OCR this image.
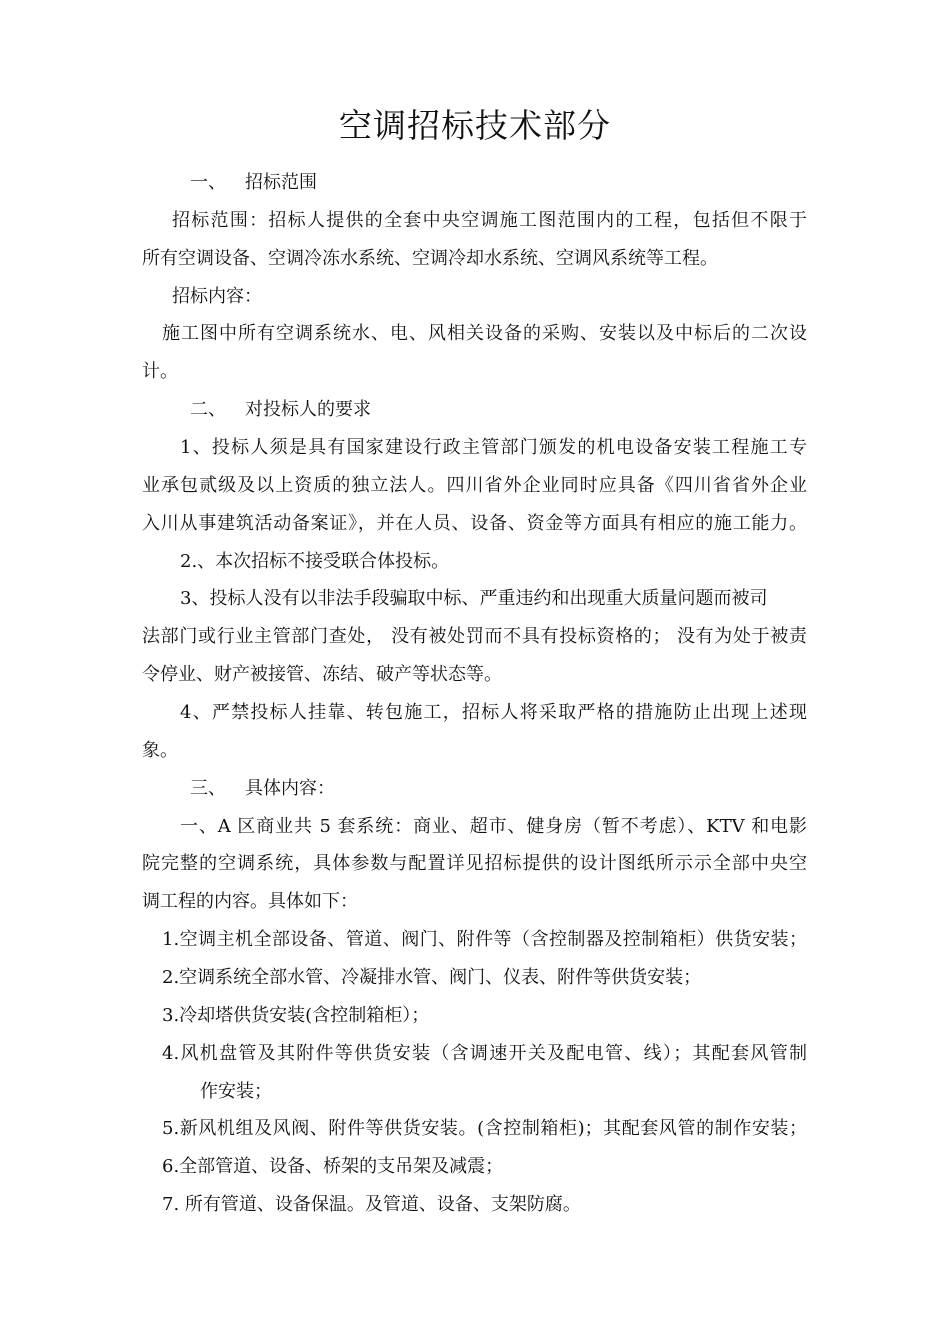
空调招标技术部分
一、 招标范围
招标范围：招标人提供的全套中央空调施工图范围内的工程，包括但不限于
所有空调设备、空调冷冻水系统、空调冷却水系统、空调风系统等工程。
招标内容：
施工图中所有空调系统水、电、风相关设备的采购、安装以及中标后的二次设
计。
二、 对投标人的要求
1、投标人须是具有国家建设行政主管部门颁发的机电设备安装工程施工专
业承包贰级及以上资质的独立法人。四川省外企业同时应具备《四川省省外企业
入川从事建筑活动备案证》，并在人员、设备、资金等方面具有相应的施工能力。
2.、本次招标不接受联合体投标。
3、投标人没有以非法手段骗取中标、严重违约和出现重大质量问题而被司
法部门或行业主管部门查处， 没有被处罚而不具有投标资格的； 没有为处于被责
令停业、财产被接管、冻结、破产等状态等。
4、严禁投标人挂靠、转包施工，招标人将采取严格的措施防止出现上述现
象。
三、 具体内容：
一、A 区商业共 5 套系统：商业、超市、健身房（暂不考虑）、KTV 和电影
院完整的空调系统，具体参数与配置详见招标提供的设计图纸所示示全部中央空
调工程的内容。具体如下：
1.空调主机全部设备、管道、阀门、附件等（含控制器及控制箱柜）供货安装；
2.空调系统全部水管、冷凝排水管、阀门、仪表、附件等供货安装；
3.冷却塔供货安装(含控制箱柜）；
4.风机盘管及其附件等供货安装（含调速开关及配电管、线）；其配套风管制
作安装；
5.新风机组及风阀、附件等供货安装。(含控制箱柜)；其配套风管的制作安装；
6.全部管道、设备、桥架的支吊架及减震；
7. 所有管道、设备保温。及管道、设备、支架防腐。
